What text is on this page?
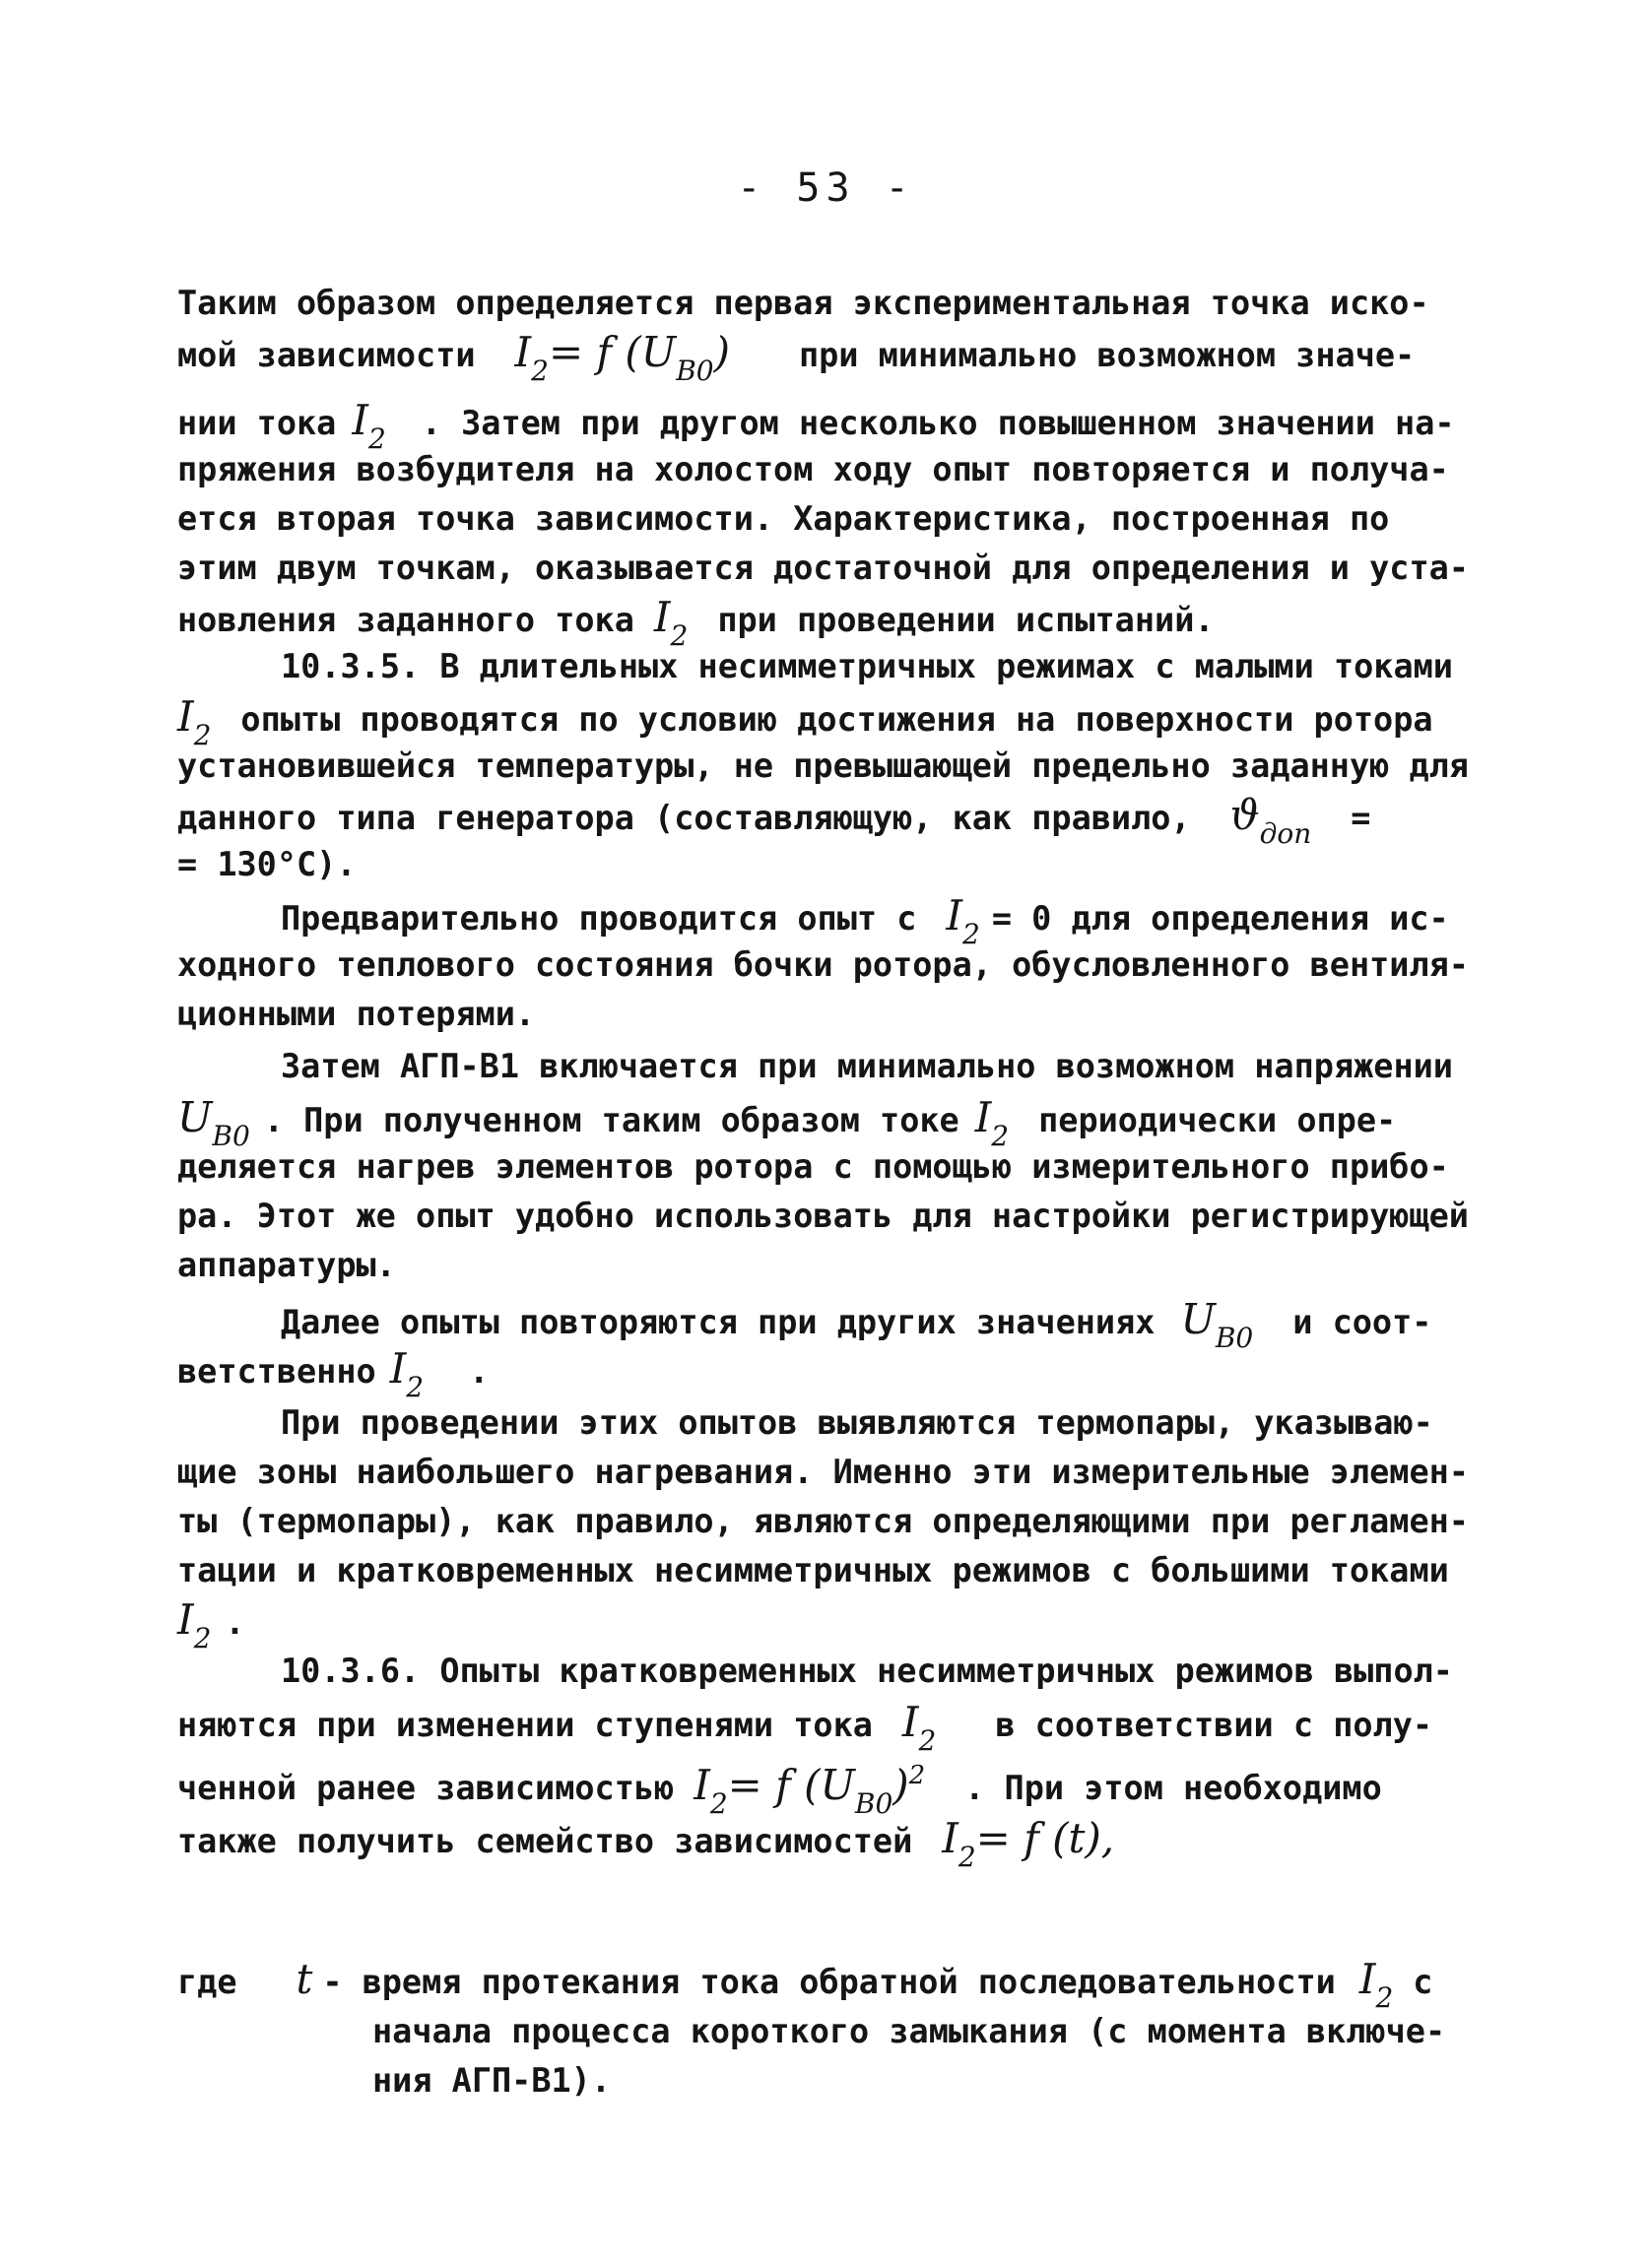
- 53 -
Таким образом определяется первая экспериментальная точка иско-
мой зависимости $I_2= f$ $(U_{B0})$ при минимально возможном значе-
нии тока $I_2$ . Затем при другом несколько повышенном значении на-
пряжения возбудителя на холостом ходу опыт повторяется и получа-
ется вторая точка зависимости. Характеристика, построенная по
этим двум точкам, оказывается достаточной для определения и уста-
новления заданного тока $I_2$ при проведении испытаний.
10.3.5. В длительных несимметричных режимах с малыми токами
$I_2$ опыты проводятся по условию достижения на поверхности ротора
установившейся температуры, не превышающей предельно заданную для
данного типа генератора (составляющую, как правило, $ϑ_{доп}$ =
= 130°С).
Предварительно проводится опыт с $I_2 = 0$ для определения ис-
ходного теплового состояния бочки ротора, обусловленного вентиля-
ционными потерями.
Затем АГП-В1 включается при минимально возможном напряжении
$U_{B0}$ . При полученном таким образом токе $I_2$ периодически опре-
деляется нагрев элементов ротора с помощью измерительного прибо-
ра. Этот же опыт удобно использовать для настройки регистрирующей
аппаратуры.
Далее опыты повторяются при других значениях $U_{B0}$ и соот-
ветственно $I_2$ .
При проведении этих опытов выявляются термопары, указываю-
щие зоны наибольшего нагревания. Именно эти измерительные элемен-
ты (термопары), как правило, являются определяющими при регламен-
тации и кратковременных несимметричных режимов с большими токами
$I_2$ .
10.3.6. Опыты кратковременных несимметричных режимов выпол-
няются при изменении ступенями тока $I_2$ в соответствии с полу-
ченной ранее зависимостью $I_2= f$ $(U_{B0})^2$ . При этом необходимо
также получить семейство зависимостей $I_2= f$ (t),
где t - время протекания тока обратной последовательности $I_2$ с
начала процесса короткого замыкания (с момента включе-
ния АГП-В1).
